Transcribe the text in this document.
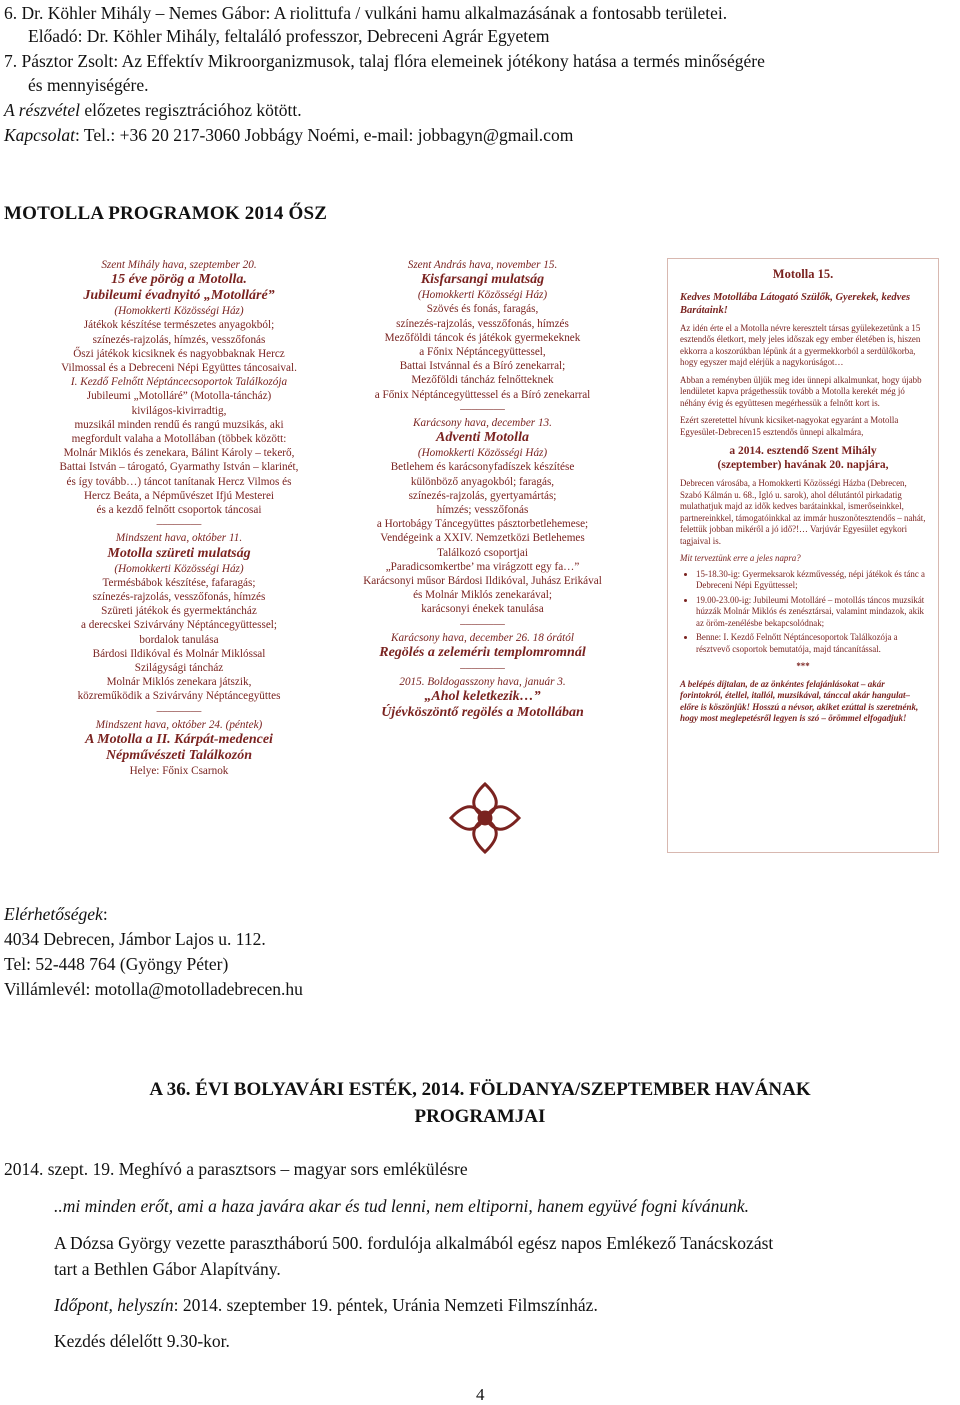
6. Dr. Köhler Mihály – Nemes Gábor: A riolittufa / vulkáni hamu alkalmazásának a fontosabb területei.
Előadó: Dr. Köhler Mihály, feltaláló professzor, Debreceni Agrár Egyetem
7. Pásztor Zsolt: Az Effektív Mikroorganizmusok, talaj flóra elemeinek jótékony hatása a termés minőségére
és mennyiségére.
A részvétel előzetes regisztrációhoz kötött.
Kapcsolat: Tel.: +36 20 217-3060 Jobbágy Noémi, e-mail: jobbagyn@gmail.com
MOTOLLA PROGRAMOK 2014 ŐSZ
Szent Mihály hava, szeptember 20.
15 éve pörög a Motolla.
Jubileumi évadnyitó „Motolláré”
(Homokkerti Közösségi Ház)
Játékok készítése természetes anyagokból;
színezés-rajzolás, hímzés, vesszőfonás
Őszi játékok kicsiknek és nagyobbaknak Hercz
Vilmossal és a Debreceni Népi Együttes táncosaival.
I. Kezdő Felnőtt Néptáncecsoportok Találkozója
Jubileumi „Motolláré” (Motolla-táncház)
kivilágos-kivirradtig,
muzsikál minden rendű és rangú muzsikás, aki
megfordult valaha a Motollában (többek között:
Molnár Miklós és zenekara, Bálint Károly – tekerő,
Battai István – tárogató, Gyarmathy István – klarinét,
és így tovább…) táncot tanítanak Hercz Vilmos és
Hercz Beáta, a Népművészet Ifjú Mesterei
és a kezdő felnőtt csoportok táncosai
––––––––
Mindszent hava, október 11.
Motolla szüreti mulatság
(Homokkerti Közösségi Ház)
Termésbábok készítése, fafaragás;
színezés-rajzolás, vesszőfonás, hímzés
Szüreti játékok és gyermektáncház
a derecskei Szivárvány Néptáncegyüttessel;
bordalok tanulása
Bárdosi Ildikóval és Molnár Miklóssal
Szilágysági táncház
Molnár Miklós zenekara játszik,
közreműködik a Szivárvány Néptáncegyüttes
––––––––
Mindszent hava, október 24. (péntek)
A Motolla a II. Kárpát-medencei
Népművészeti Találkozón
Helye: Főnix Csarnok
Szent András hava, november 15.
Kisfarsangi mulatság
(Homokkerti Közösségi Ház)
Szövés és fonás, faragás,
színezés-rajzolás, vesszőfonás, hímzés
Mezőföldi táncok és játékok gyermekeknek
a Főnix Néptáncegyüttessel,
Battai Istvánnal és a Bíró zenekarral;
Mezőföldi táncház felnőtteknek
a Főnix Néptáncegyüttessel és a Bíró zenekarral
––––––––
Karácsony hava, december 13.
Adventi Motolla
(Homokkerti Közösségi Ház)
Betlehem és karácsonyfadíszek készítése
különböző anyagokból; faragás,
színezés-rajzolás, gyertyamártás;
hímzés; vesszőfonás
a Hortobágy Táncegyüttes pásztorbetlehemese;
Vendégeink a XXIV. Nemzetközi Betlehemes
Találkozó csoportjai
„Paradicsomkertbe’ ma virágzott egy fa…”
Karácsonyi műsor Bárdosi Ildikóval, Juhász Erikával
és Molnár Miklós zenekarával;
karácsonyi énekek tanulása
––––––––
Karácsony hava, december 26. 18 órától
Regölés a zelemériı templomromnál
––––––––
2015. Boldogasszony hava, január 3.
„Ahol keletkezik…”
Újévköszöntő regölés a Motollában
Motolla 15.
Kedves Motollába Látogató Szülők, Gyerekek, kedves Barátaink!

Az idén érte el a Motolla névre keresztelt társas gyülekezetünk a 15 esztendős életkort, mely jeles időszak egy ember életében is, hiszen ekkorra a koszorúkban lépünk át a gyermekkorból a serdülőkorba, hogy egyszer majd elérjük a nagykorúságot…

Abban a reményben üljük meg ideı ünnepi alkalmunkat, hogy újabb lendületet kapva prágethessük tovább a Motolla kerekét még jó néhány évig és együttesen megérhessük a felnőtt kort is.

Ezért szeretettel hívunk kicsiket-nagyokat egyaránt a Motolla Egyesület-Debrecen15 esztendős ünnepi alkalmára,

a 2014. esztendő Szent Mihály
(szeptember) havának 20. napjára,

Debrecen városába, a Homokkerti Közösségi Házba (Debrecen, Szabó Kálmán u. 68., Igló u. sarok), ahol délutántól pirkadatig mulathatjuk majd az idők kedves barátainkkal, ismerőseinkkel, partnereinkkel, támogatóinkkal az immár huszonötesztendős – nahát, felettük jobban mikéről a jó idő?!… Varjúvár Egyesület egykori tagjaival is.

Mit terveztünk erre a jeles napra?
• 15-18.30-ig: Gyermeksarok kézművesség, népi játékok és tánc a Debreceni Népi Együttessel;
• 19.00-23.00-ig: Jubileumi Motolláré – motollás táncos muzsikát húzzák Molnár Miklós és zenésztársai, valamint mindazok, akik az öröm-zenélésbe bekapcsolódnak;
• Benne: I. Kezdő Felnőtt Néptáncesoportok Találkozója a résztvevő csoportok bemutatója, majd táncanítással.
***
A belépés díjtalan, de az önkéntes felajánlásokat – akár forintokról, étellel, itallól, muzsikával, tánccal akár hangulat– előre is köszönjük! Hosszú a névsor, akiket ezúttal is szeretnénk, hogy most meglepetésről legyen is szó – örömmel elfogadjuk!
Elérhetőségek:
4034 Debrecen, Jámbor Lajos u. 112.
Tel: 52-448 764 (Gyöngy Péter)
Villámlevél: motolla@motolladebrecen.hu
A 36. ÉVI BOLYAVÁRI ESTÉK, 2014. FÖLDANYA/SZEPTEMBER HAVÁNAK
PROGRAMJAI
2014. szept. 19. Meghívó a parasztsors – magyar sors emlékülésre
..mi minden erőt, ami a haza javára akar és tud lenni, nem eltiporni, hanem együvé fogni kívánunk.
A Dózsa György vezette parasztháború 500. fordulója alkalmából egész napos Emlékező Tanácskozást
tart a Bethlen Gábor Alapítvány.
Időpont, helyszín: 2014. szeptember 19. péntek, Uránia Nemzeti Filmszínház.
Kezdés délelőtt 9.30-kor.
4
